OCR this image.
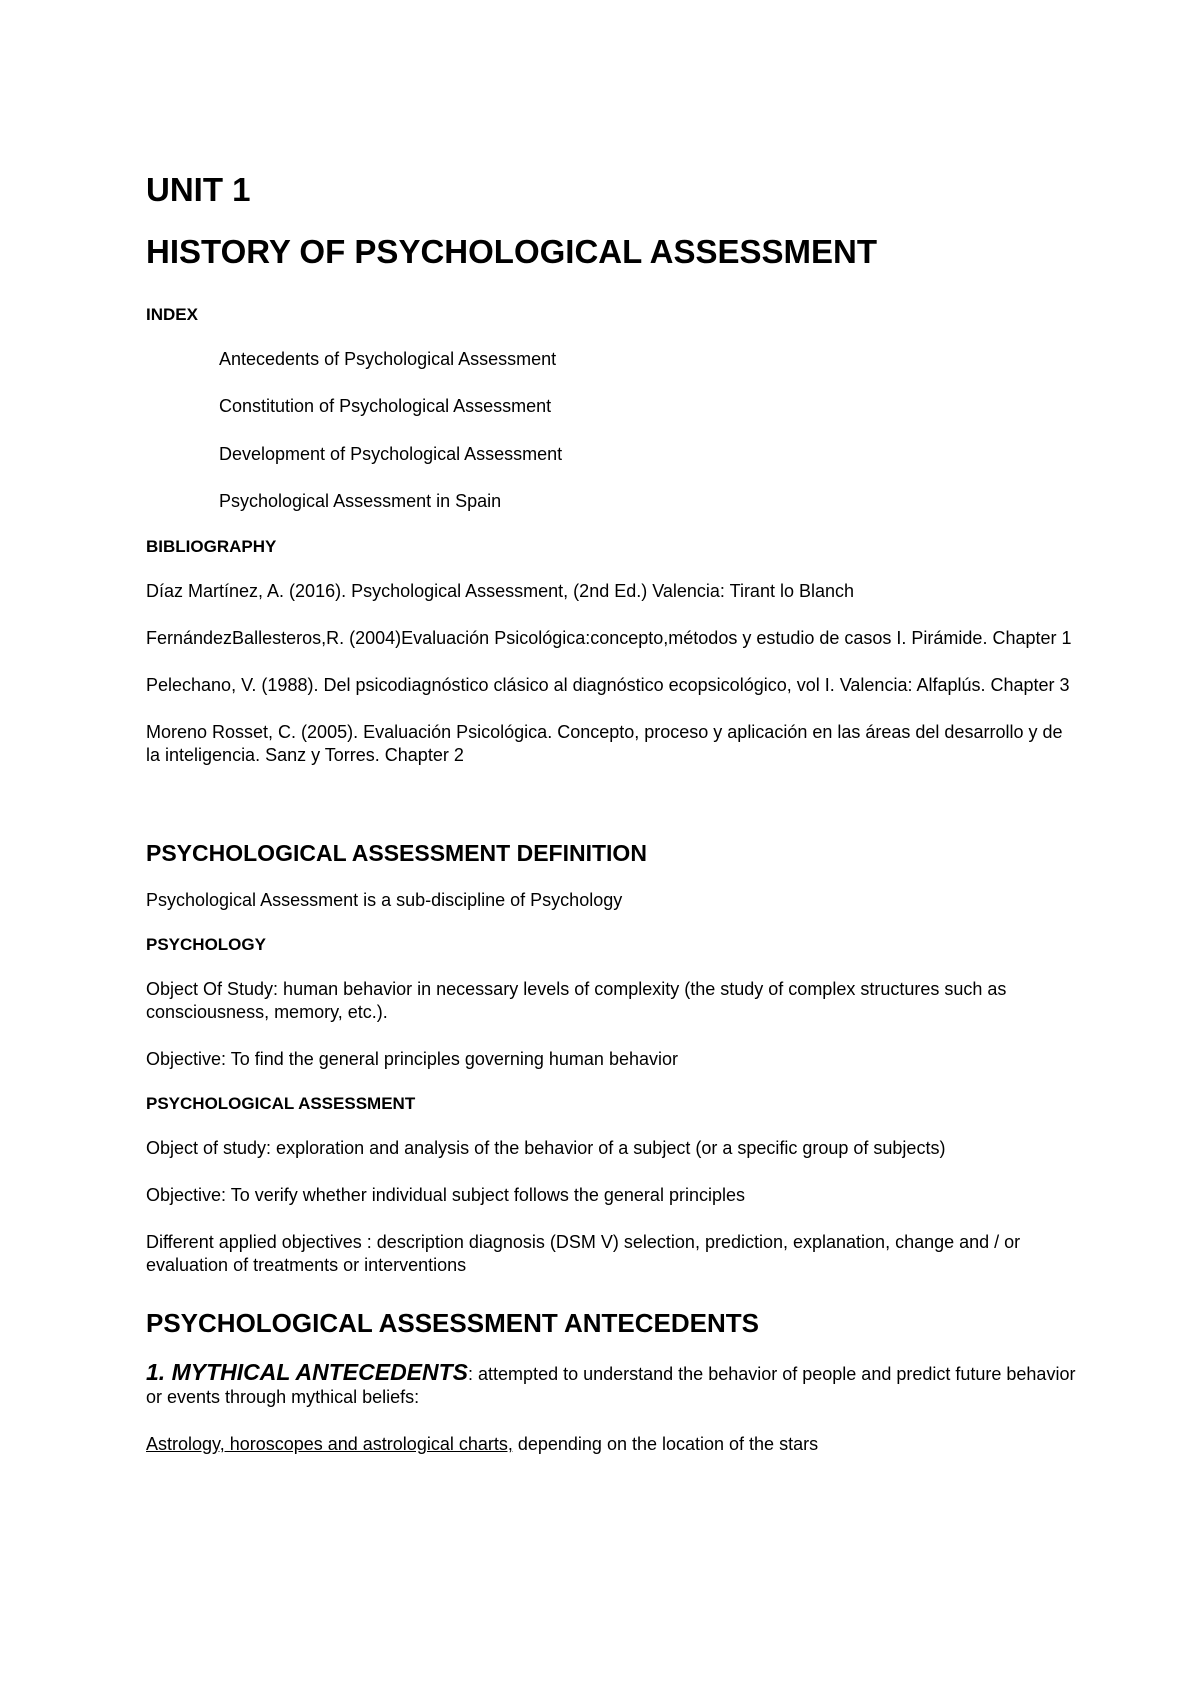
UNIT 1
HISTORY OF PSYCHOLOGICAL ASSESSMENT

INDEX

Antecedents of Psychological Assessment
Constitution of Psychological Assessment
Development of Psychological Assessment
Psychological Assessment in Spain

BIBLIOGRAPHY

Díaz Martínez, A. (2016). Psychological Assessment, (2nd Ed.) Valencia: Tirant lo Blanch

FernándezBallesteros,R. (2004)Evaluación Psicológica:concepto,métodos y estudio de casos I. Pirámide. Chapter 1

Pelechano, V. (1988). Del psicodiagnóstico clásico al diagnóstico ecopsicológico, vol I. Valencia: Alfaplús. Chapter 3

Moreno Rosset, C. (2005). Evaluación Psicológica. Concepto, proceso y aplicación en las áreas del desarrollo y de la inteligencia. Sanz y Torres. Chapter 2

PSYCHOLOGICAL ASSESSMENT DEFINITION

Psychological Assessment is a sub-discipline of Psychology

PSYCHOLOGY

Object Of Study: human behavior in necessary levels of complexity (the study of complex structures such as consciousness, memory, etc.).

Objective: To find the general principles governing human behavior

PSYCHOLOGICAL ASSESSMENT

Object of study: exploration and analysis of the behavior of a subject (or a specific group of subjects)

Objective: To verify whether individual subject follows the general principles

Different applied objectives : description diagnosis (DSM V) selection, prediction, explanation, change and / or evaluation of treatments or interventions

PSYCHOLOGICAL ASSESSMENT ANTECEDENTS

1. MYTHICAL ANTECEDENTS: attempted to understand the behavior of people and predict future behavior or events through mythical beliefs:

Astrology, horoscopes and astrological charts, depending on the location of the stars
